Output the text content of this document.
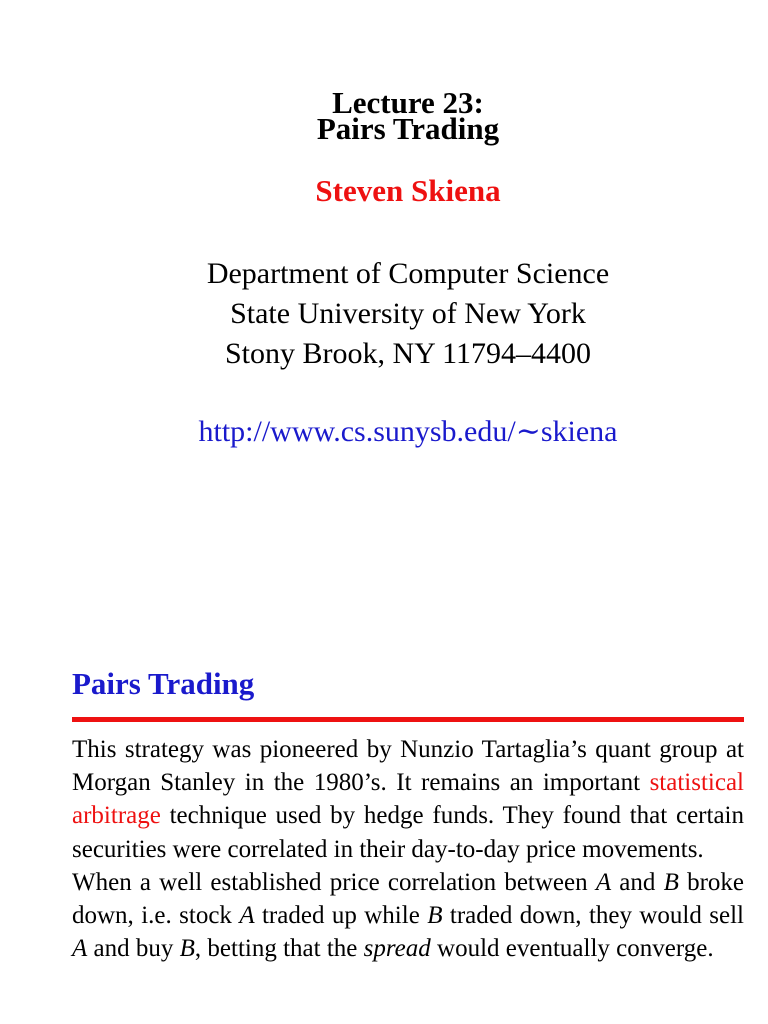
Lecture 23:

Pairs Trading

Steven Skiena
Department of Computer Science
State University of New York
Stony Brook, NY 11794–4400
http://www.cs.sunysb.edu/∼skiena
Pairs Trading

This strategy was pioneered by Nunzio Tartaglia’s quant group at Morgan Stanley in the 1980’s. It remains an important statistical arbitrage technique used by hedge funds. They found that certain securities were correlated in their day-to-day price movements.

When a well established price correlation between A and B broke down, i.e. stock A traded up while B traded down, they would sell A and buy B, betting that the spread would eventually converge.
